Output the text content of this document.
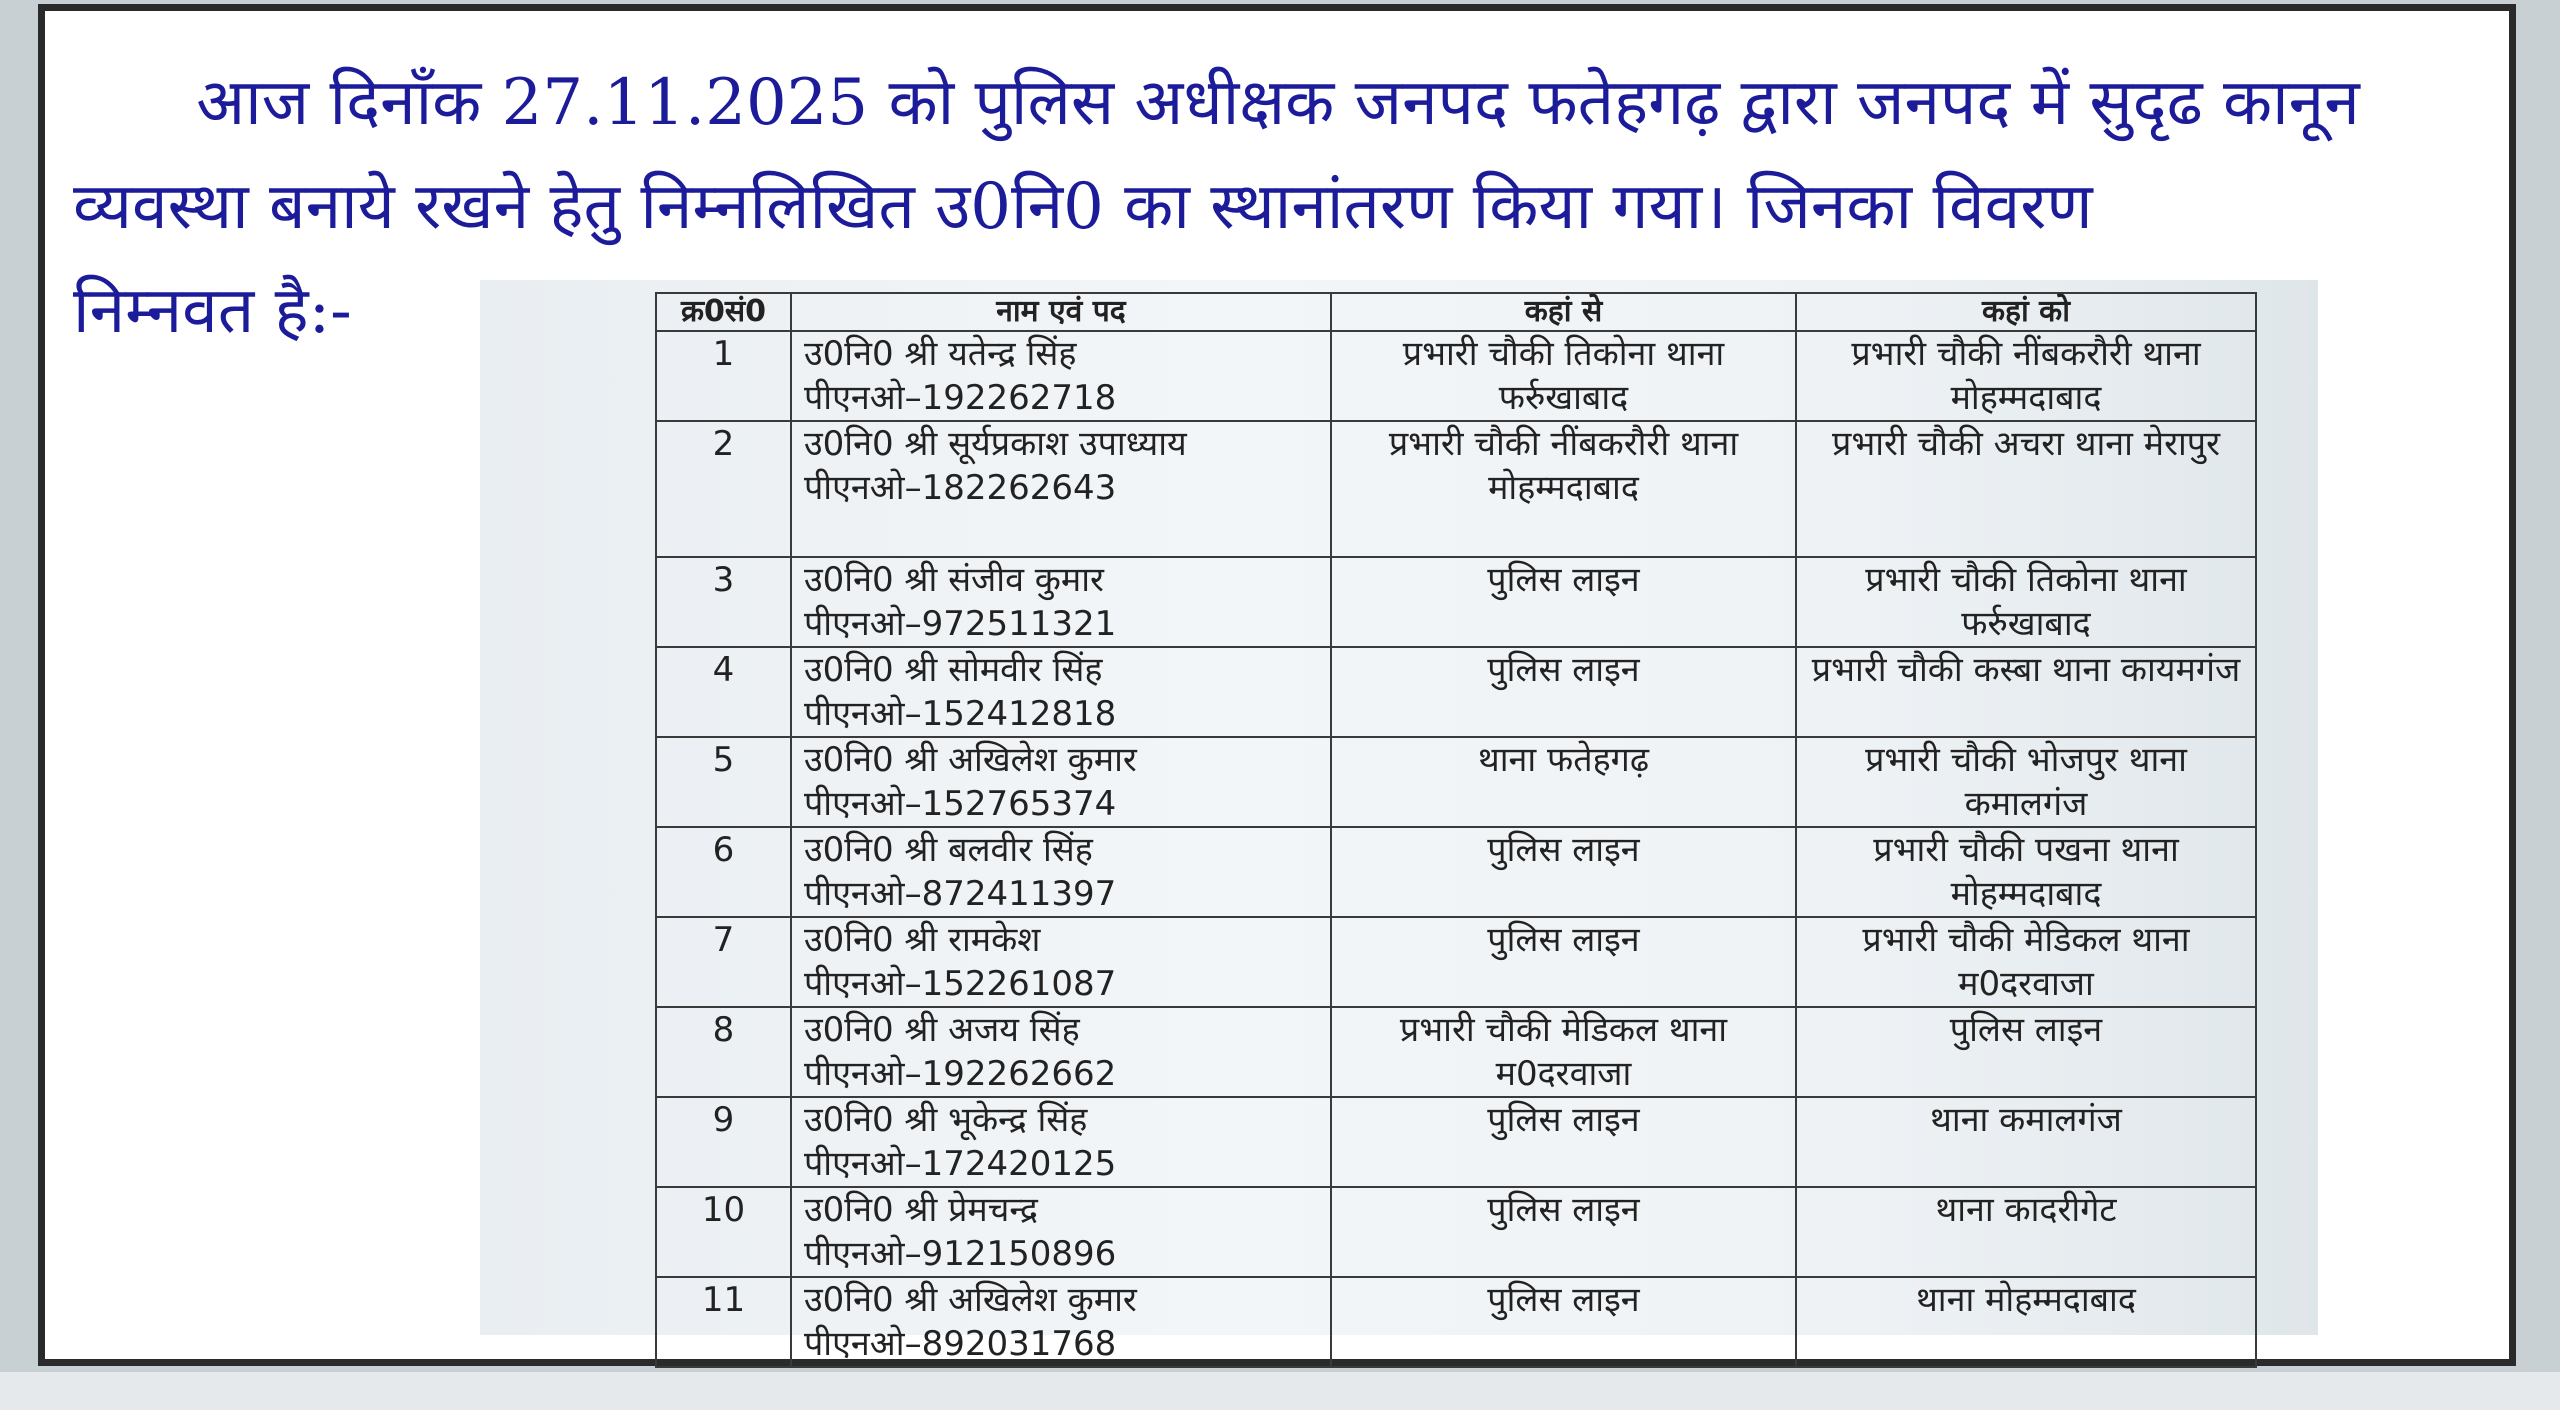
आज दिनाँक 27.11.2025 को पुलिस अधीक्षक जनपद फतेहगढ़ द्वारा जनपद में सुदृढ कानून
व्यवस्था बनाये रखने हेतु निम्नलिखित उ0नि0 का स्थानांतरण किया गया। जिनका विवरण
निम्नवत है:-	क्र0सं0	नाम एवं पद	कहां से	कहां को
1	उ0नि0 श्री यतेन्द्र सिंह
पीएनओ–192262718	प्रभारी चौकी तिकोना थाना फर्रुखाबाद	प्रभारी चौकी नींबकरौरी थाना मोहम्मदाबाद
2	उ0नि0 श्री सूर्यप्रकाश उपाध्याय
पीएनओ–182262643	प्रभारी चौकी नींबकरौरी थाना मोहम्मदाबाद	प्रभारी चौकी अचरा थाना मेरापुर
3	उ0नि0 श्री संजीव कुमार
पीएनओ–972511321	पुलिस लाइन	प्रभारी चौकी तिकोना थाना फर्रुखाबाद
4	उ0नि0 श्री सोमवीर सिंह
पीएनओ–152412818	पुलिस लाइन	प्रभारी चौकी कस्बा थाना कायमगंज
5	उ0नि0 श्री अखिलेश कुमार
पीएनओ–152765374	थाना फतेहगढ़	प्रभारी चौकी भोजपुर थाना कमालगंज
6	उ0नि0 श्री बलवीर सिंह
पीएनओ–872411397	पुलिस लाइन	प्रभारी चौकी पखना थाना मोहम्मदाबाद
7	उ0नि0 श्री रामकेश
पीएनओ–152261087	पुलिस लाइन	प्रभारी चौकी मेडिकल थाना म0दरवाजा
8	उ0नि0 श्री अजय सिंह
पीएनओ–192262662	प्रभारी चौकी मेडिकल थाना म0दरवाजा	पुलिस लाइन
9	उ0नि0 श्री भूकेन्द्र सिंह
पीएनओ–172420125	पुलिस लाइन	थाना कमालगंज
10	उ0नि0 श्री प्रेमचन्द्र
पीएनओ–912150896	पुलिस लाइन	थाना कादरीगेट
11	उ0नि0 श्री अखिलेश कुमार
पीएनओ–892031768	पुलिस लाइन	थाना मोहम्मदाबाद
